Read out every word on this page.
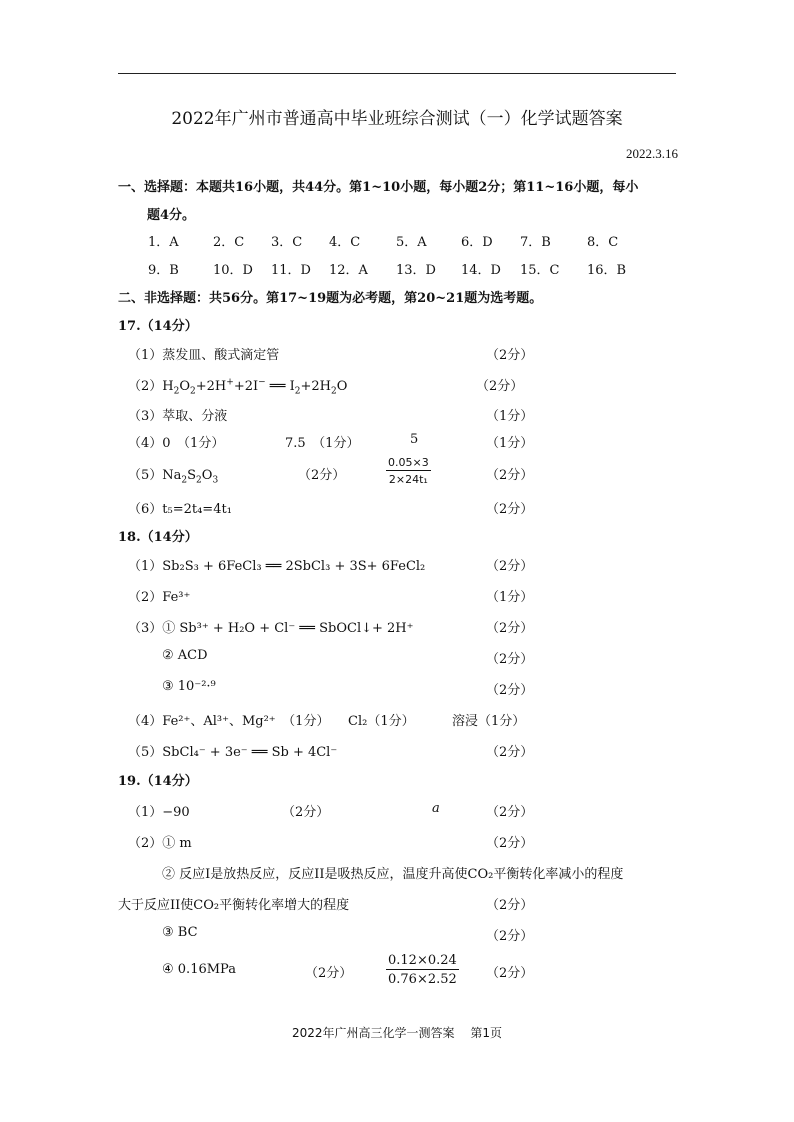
2022年广州市普通高中毕业班综合测试（一）化学试题答案
2022.3.16
一、选择题：本题共16小题，共44分。第1~10小题，每小题2分；第11~16小题，每小
题4分。
1．A	2．C 3．C 4．C	5．A	6．D 7．B	8．C
9．B	10．D 11．D 12．A 13．D 14．D 15．C 16．B
二、非选择题：共56分。第17~19题为必考题，第20~21题为选考题。
17.（14分）
（1）蒸发皿、酸式滴定管	（2分）
$(2)H_2O_2+2H^++2I^-$ ══ $I_2+2H_2O$	（2分）
（3）萃取、分液	（1分）
（4）0　（1分）	7.5　（1分）	5	（1分）
$(5)Na_2S_2O_3$	（2分）	$\frac{0.05\times 3}{\text{2×24t₁}}$	（2分）
（6）t₅=2t₄=4t₁	（2分）
18.（14分）
（1）Sb₂S₃ + 6FeCl₃ ══ 2SbCl₃ + 3S+ 6FeCl₂	（2分）
（2）Fe³⁺	（1分）
（3）① Sb³⁺ + H₂O + Cl⁻ ══ SbOCl↓+ 2H⁺	（2分）
② ACD	（2分）
③ 10⁻²·⁹	（2分）
（4）Fe²⁺、Al³⁺、Mg²⁺　（1分） Cl₂（1分）	溶浸（1分）
（5）SbCl₄⁻ + 3e⁻ ══ Sb + 4Cl⁻	（2分）
19.（14分）
（1）−90	（2分）	a	（2分）
（2）① m	（2分）
② 反应I是放热反应，反应II是吸热反应，温度升高使CO₂平衡转化率减小的程度
大于反应II使CO₂平衡转化率增大的程度	（2分）
③ BC	（2分）
④ 0.16MPa	（2分）	$\frac{0.12\times 0.24}{0.76\times 2.52} (2$分）
2022年广州高三化学一测答案　 第1页
